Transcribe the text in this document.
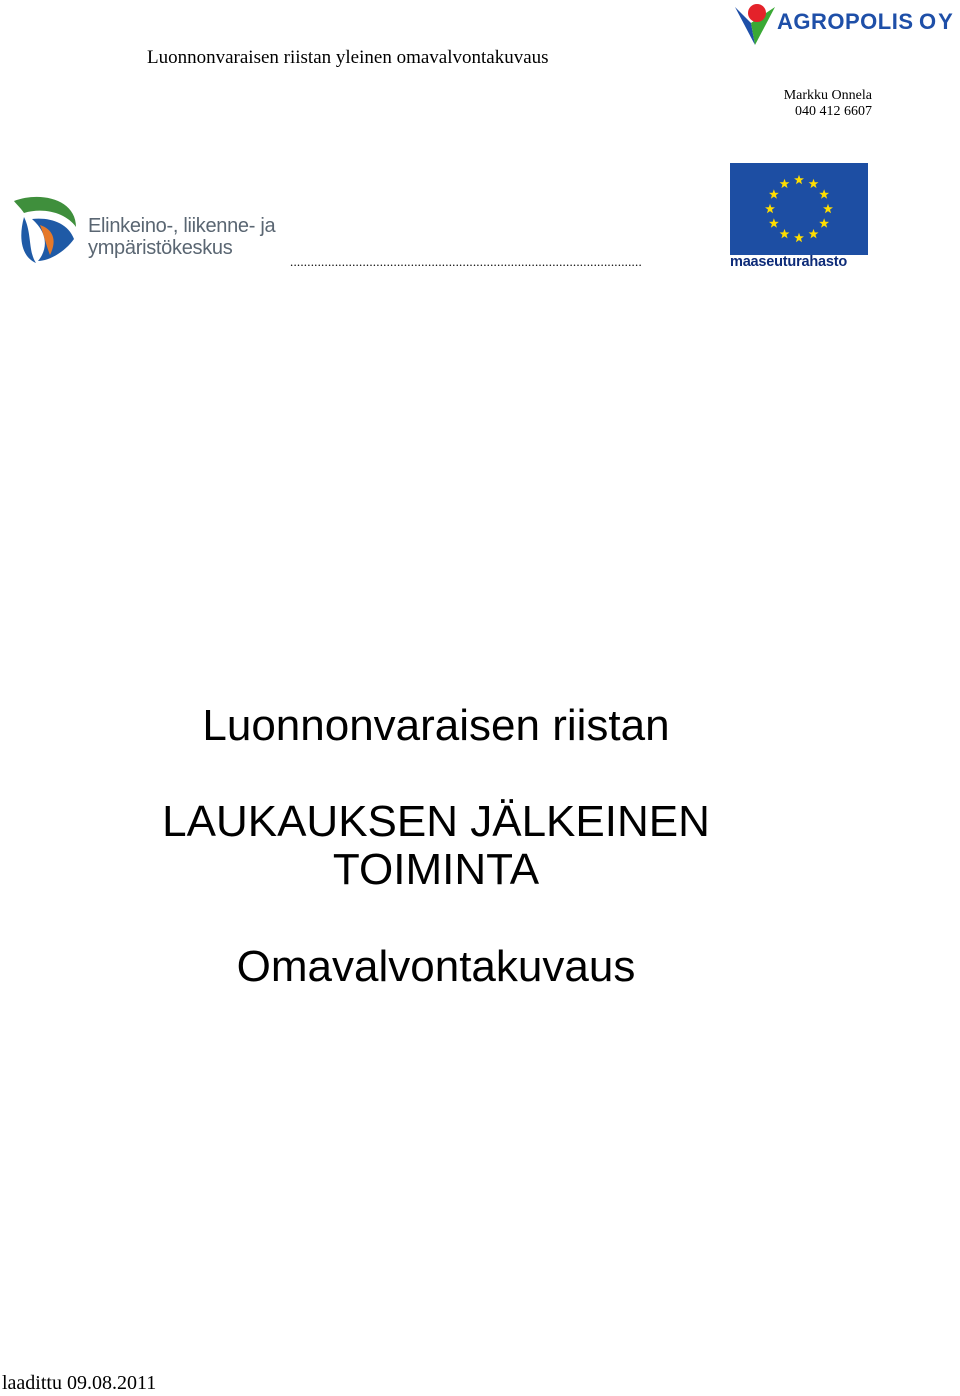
Luonnonvaraisen riistan yleinen omavalvontakuvaus
AGROPOLIS OY
Markku Onnela
040 412 6607
Elinkeino-, liikenne- ja
ympäristökeskus
......................................................................................................	maaseuturahasto
Luonnonvaraisen riistan
LAUKAUKSEN JÄLKEINEN
TOIMINTA
Omavalvontakuvaus
laadittu 09.08.2011
